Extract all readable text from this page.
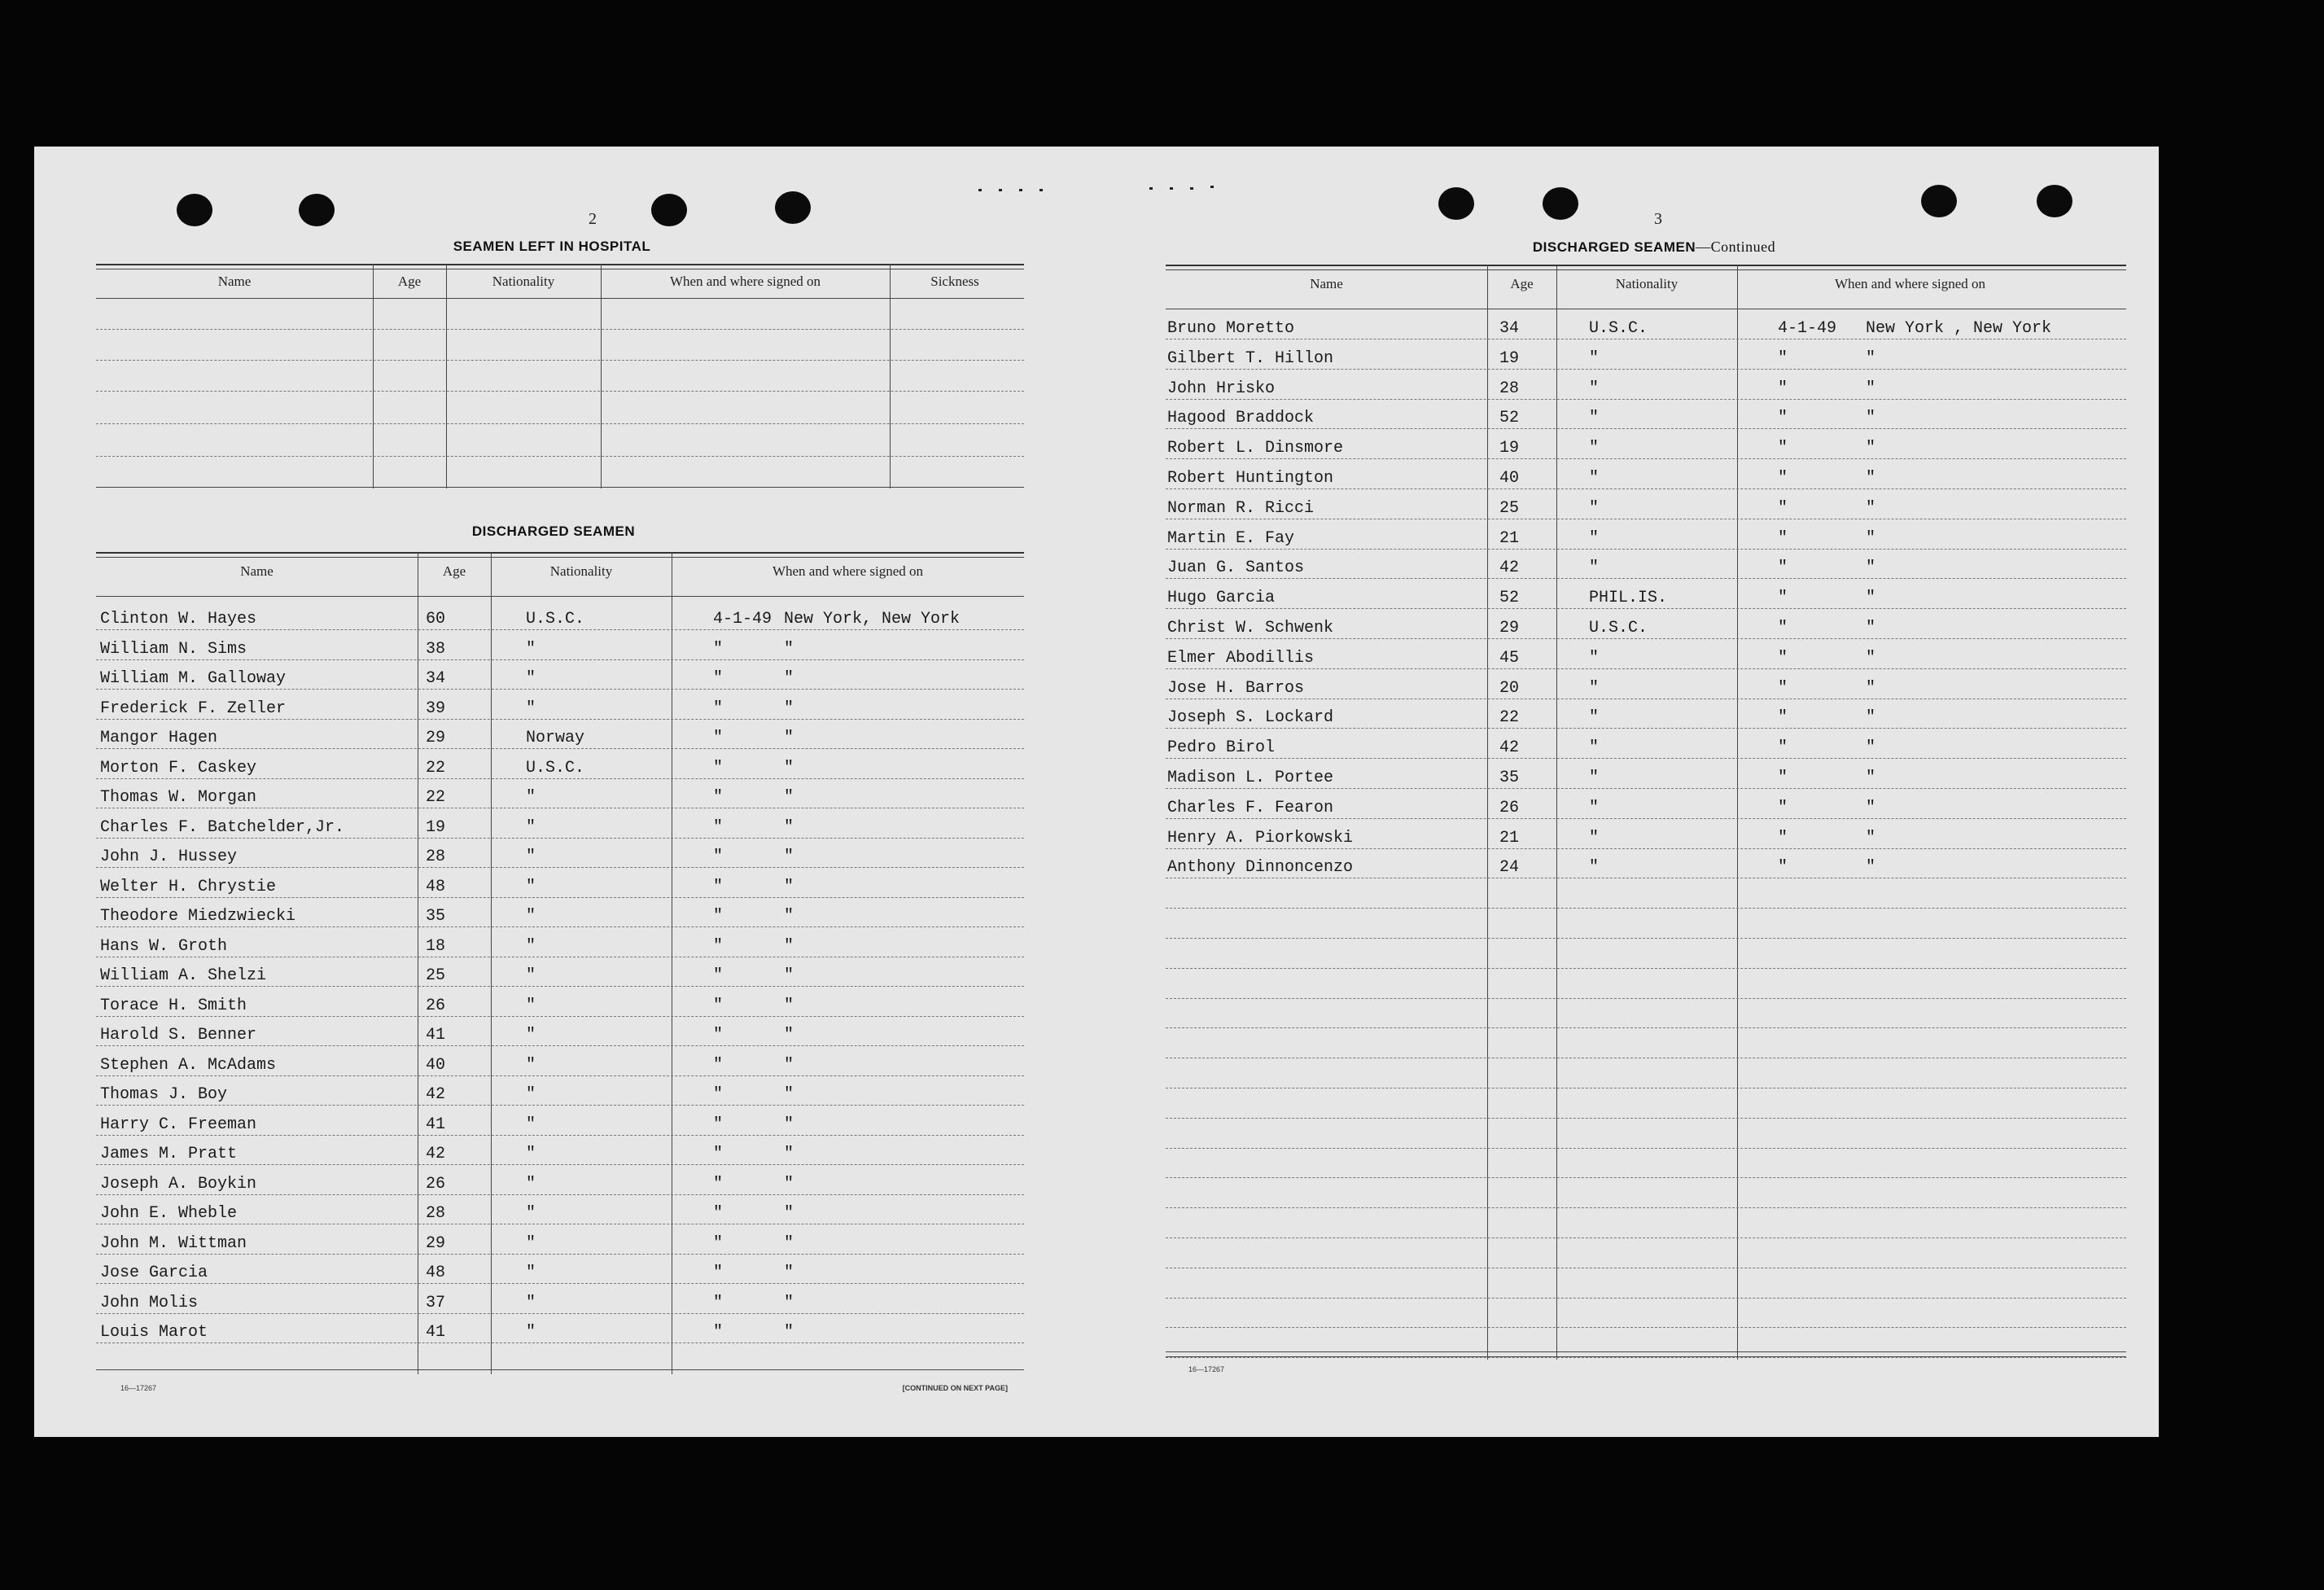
2
SEAMEN LEFT IN HOSPITAL
Name	Age	Nationality	When and where signed on	Sickness
DISCHARGED SEAMEN
Name	Age	Nationality	When and where signed on
Clinton W. Hayes	60	U.S.C.	4-1-49 New York, New York
William N. Sims	38	"	"	"
William M. Galloway	34	"	"	"
Frederick F. Zeller	39	"	"	"
Mangor Hagen	29	Norway	"	"
Morton F. Caskey	22	U.S.C.	"	"
Thomas W. Morgan	22	"	"	"
Charles F. Batchelder,Jr.	19	"	"	"
John J. Hussey	28	"	"	"
Welter H. Chrystie	48	"	"	"
Theodore Miedzwiecki	35	"	"	"
Hans W. Groth	18	"	"	"
William A. Shelzi	25	"	"	"
Torace H. Smith	26	"	"	"
Harold S. Benner	41	"	"	"
Stephen A. McAdams	40	"	"	"
Thomas J. Boy	42	"	"	"
Harry C. Freeman	41	"	"	"
James M. Pratt	42	"	"	"
Joseph A. Boykin	26	"	"	"
John E. Wheble	28	"	"	"
John M. Wittman	29	"	"	"
Jose Garcia	48	"	"	"
John Molis	37	"	"	"
Louis Marot	41	"	"	"
16—17267	[CONTINUED ON NEXT PAGE]
3
DISCHARGED SEAMEN—Continued
Name	Age	Nationality	When and where signed on
Bruno Moretto	34	U.S.C.	4-1-49 New York , New York
Gilbert T. Hillon	19	"	"	"
John Hrisko	28	"	"	"
Hagood Braddock	52	"	"	"
Robert L. Dinsmore	19	"	"	"
Robert Huntington	40	"	"	"
Norman R. Ricci	25	"	"	"
Martin E. Fay	21	"	"	"
Juan G. Santos	42	"	"	"
Hugo Garcia	52	PHIL.IS.	"	"
Christ W. Schwenk	29	U.S.C.	"	"
Elmer Abodillis	45	"	"	"
Jose H. Barros	20	"	"	"
Joseph S. Lockard	22	"	"	"
Pedro Birol	42	"	"	"
Madison L. Portee	35	"	"	"
Charles F. Fearon	26	"	"	"
Henry A. Piorkowski	21	"	"	"
Anthony Dinnoncenzo	24	"	"	"
16—17267
